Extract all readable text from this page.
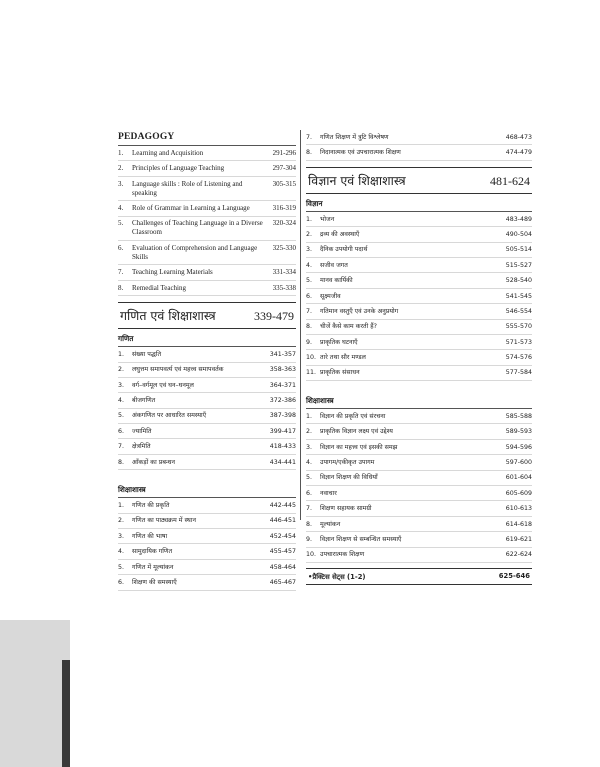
PEDAGOGY
1.	Learning and Acquisition	291-296
2.	Principles of Language Teaching	297-304
3.	Language skills : Role of Listening and speaking
305-315
4.	Role of Grammar in Learning a Language	316-319
5.	Challenges of Teaching Language in a Diverse Classroom
320-324
6.	Evaluation of Comprehension and Language Skills
325-330
7.	Teaching Learning Materials	331-334
8.	Remedial Teaching	335-338
गणित एवं शिक्षाशास्त्र	339-479
गणित
1.	संख्या पद्धति	341-357
2.	लघुत्तम समापवर्त्य एवं महत्त्व समापवर्तक	358-363
3.	वर्ग–वर्गमूल एवं घन–घनमूल	364-371
4.	बीजगणित	372-386
5.	अंकगणित पर आधारित समस्याएँ	387-398
6.	ज्यामिति	399-417
7.	क्षेत्रमिति	418-433
8.	आँकड़ों का प्रबन्धन	434-441
शिक्षाशास्त्र
1.	गणित की प्रकृति	442-445
2.	गणित का पाठ्यक्रम में स्थान	446-451
3.	गणित की भाषा	452-454
4.	सामुदायिक गणित	455-457
5.	गणित में मूल्यांकन	458-464
6.	शिक्षण की समस्याएँ	465-467
7.	गणित शिक्षण में त्रुटि विश्लेषण	468-473
8.	निदानात्मक एवं उपचारात्मक शिक्षण	474-479
विज्ञान एवं शिक्षाशास्त्र	481-624
विज्ञान
1.	भोजन	483-489
2.	द्रव्य की अवस्थाएँ	490-504
3.	दैनिक उपयोगी पदार्थ	505-514
4.	सजीव जगत	515-527
5.	मानव कार्यिकी	528-540
6.	सूक्ष्मजीव	541-545
7.	गतिमान वस्तुएँ एवं उनके अनुप्रयोग	546-554
8.	चीजें कैसे काम करती हैं?	555-570
9.	प्राकृतिक घटनाएँ	571-573
10. तारे तथा सौर मण्डल	574-576
11. प्राकृतिक संसाधन	577-584
शिक्षाशास्त्र
1.	विज्ञान की प्रकृति एवं संरचना	585-588
2.	प्राकृतिक विज्ञान लक्ष्य एवं उद्देश्य	589-593
3.	विज्ञान का महत्त्व एवं इसकी समझ	594-596
4.	उपागम/एकीकृत उपागम	597-600
5.	विज्ञान शिक्षण की विधियाँ	601-604
6.	नवाचार	605-609
7.	शिक्षण सहायक सामग्री	610-613
8.	मूल्यांकन	614-618
9.	विज्ञान शिक्षण से सम्बन्धित समस्याएँ	619-621
10. उपचारात्मक शिक्षण	622-624
•प्रैक्टिस सेट्स (1-2)	625-646
